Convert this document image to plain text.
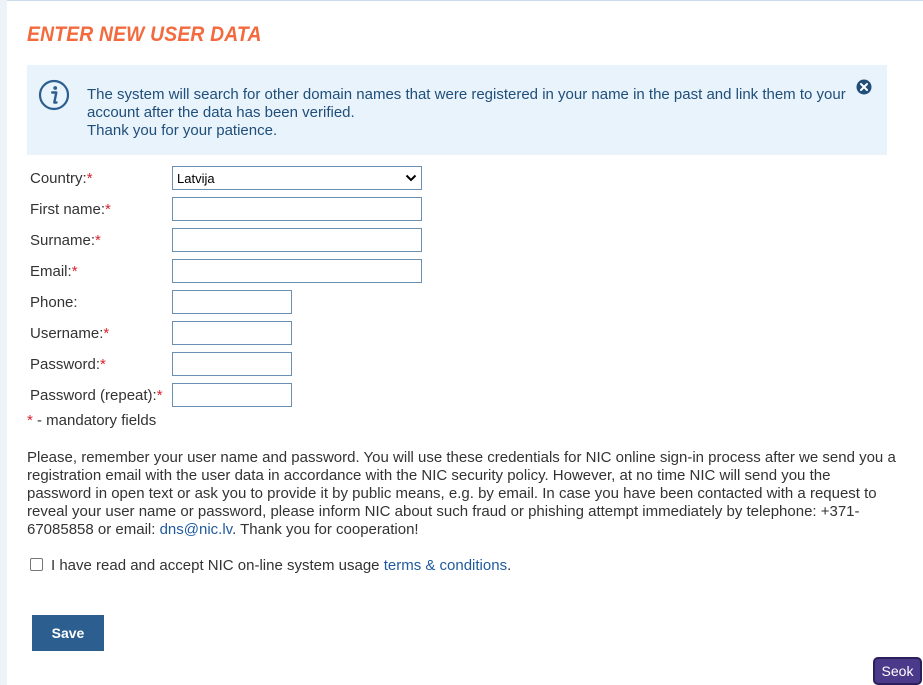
ENTER NEW USER DATA
The system will search for other domain names that were registered in your name in the past and link them to your account after the data has been verified.
Thank you for your patience.
Country:*	Latvija
First name:*
Surname:*
Email:*
Phone:
Username:*
Password:*
Password (repeat):*
* - mandatory fields
Please, remember your user name and password. You will use these credentials for NIC online sign-in process after we send you a registration email with the user data in accordance with the NIC security policy. However, at no time NIC will send you the password in open text or ask you to provide it by public means, e.g. by email. In case you have been contacted with a request to reveal your user name or password, please inform NIC about such fraud or phishing attempt immediately by telephone: +371-67085858 or email: dns@nic.lv. Thank you for cooperation!
I have read and accept NIC on-line system usage terms & conditions.
Save
Seok
